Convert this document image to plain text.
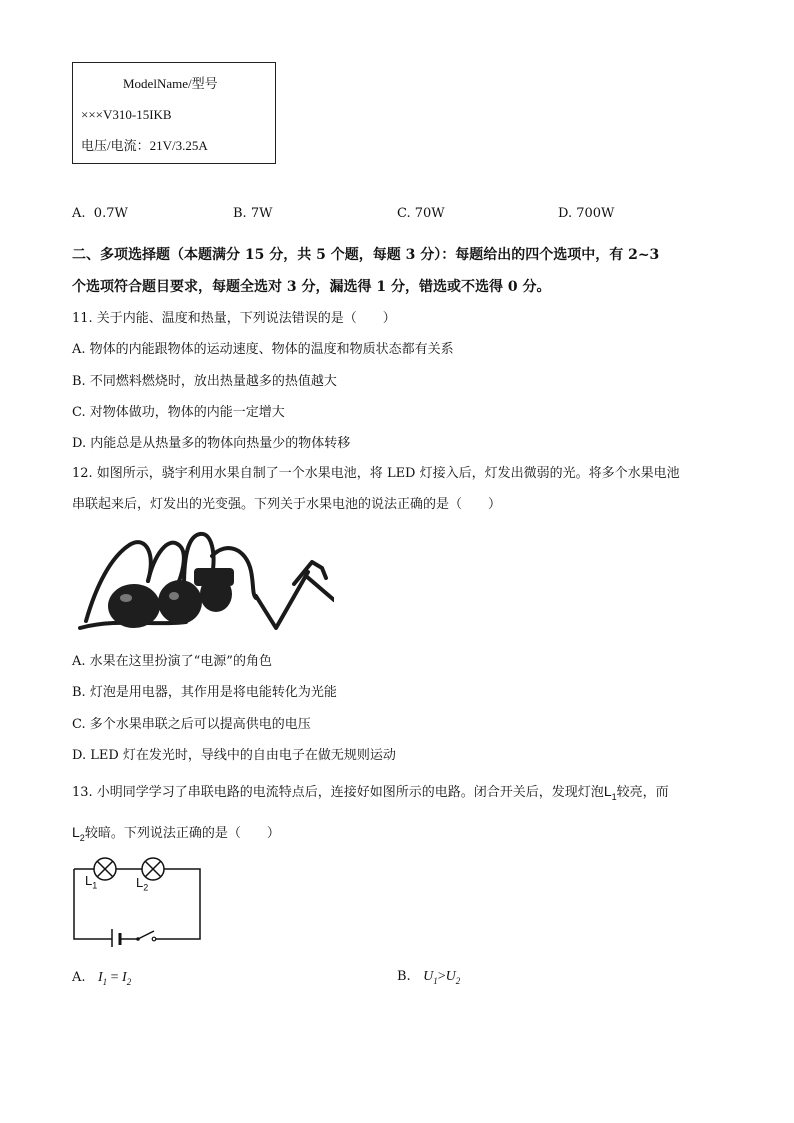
ModelName/型号
×××V310-15IKB
电压/电流：21V/3.25A
A. 0.7W	B. 7W	C. 70W	D. 700W
二、多项选择题（本题满分 15 分，共 5 个题，每题 3 分）：每题给出的四个选项中，有 2~3
个选项符合题目要求，每题全选对 3 分，漏选得 1 分，错选或不选得 0 分。
11. 关于内能、温度和热量，下列说法错误的是（　　）
A. 物体的内能跟物体的运动速度、物体的温度和物质状态都有关系
B. 不同燃料燃烧时，放出热量越多的热值越大
C. 对物体做功，物体的内能一定增大
D. 内能总是从热量多的物体向热量少的物体转移
12. 如图所示，骁宇利用水果自制了一个水果电池，将 LED 灯接入后，灯发出微弱的光。将多个水果电池
串联起来后，灯发出的光变强。下列关于水果电池的说法正确的是（　　）
A. 水果在这里扮演了“电源”的角色
B. 灯泡是用电器，其作用是将电能转化为光能
C. 多个水果串联之后可以提高供电的电压
D. LED 灯在发光时，导线中的自由电子在做无规则运动
13. 小明同学学习了串联电路的电流特点后，连接好如图所示的电路。闭合开关后，发现灯泡$L_1$较亮，而
$L_2$较暗。下列说法正确的是（　　）
$L_1$	$L_2$
A. $I_1 = I_2$	B. $U_1>U_2$
